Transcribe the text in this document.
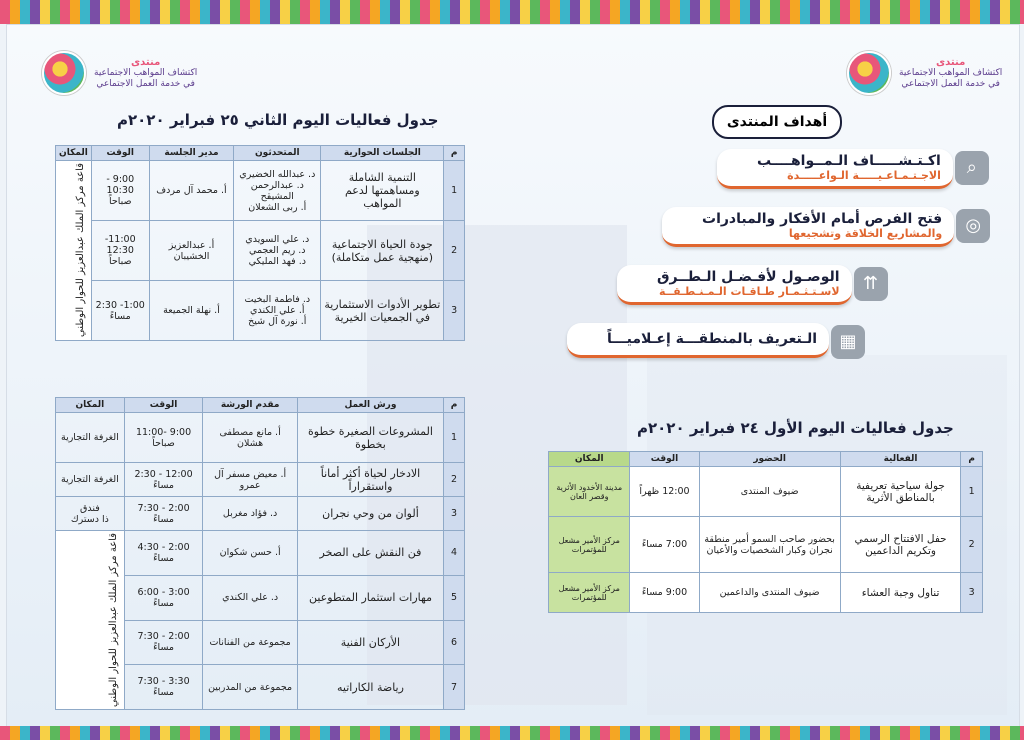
منتدى
اكتشاف المواهب الاجتماعية
في خدمة العمل الاجتماعي
جدول فعاليات اليوم الثاني ٢٥ فبراير ٢٠٢٠م
م	الجلسات الحوارية	المتحدثون	مدير الجلسة	الوقت	المكان
1	التنمية الشاملة ومساهمتها لدعم المواهب	د. عبدالله الخضيري
د. عبدالرحمن المشيقح
أ. ربى الشعلان	أ. محمد آل مردف	9:00 - 10:30
صباحاً	قاعة مركز الملك عبدالعزيز للحوار الوطني

2	جودة الحياة الاجتماعية (منهجية عمل متكاملة)	د. علي السويدي
د. ريم العجمي
د. فهد المليكي	أ. عبدالعزيز الخشيبان	11:00- 12:30
صباحاً	
3	تطوير الأدوات الاستثمارية في الجمعيات الخيرية	د. فاطمة البخيت
أ. علي الكندي
أ. نورة آل شيخ	أ. نهلة الجميعة	1:00- 2:30
مساءً	
م	ورش العمل	مقدم الورشة	الوقت	المكان
1	المشروعات الصغيرة خطوة بخطوة	أ. مانع مصطفى هشلان	9:00 -11:00
صباحاً	الغرفة التجارية
2	الادخار لحياة أكثر أماناً واستقراراً	أ. معيض مسفر آل عمرو	12:00 - 2:30 مساءً	الغرفة التجارية
3	ألوان من وحي نجران	د. فؤاد مغربل	2:00 - 7:30 مساءً	فندق
ذا دسترك
4	فن النقش على الصخر	أ. حسن شكوان	2:00 - 4:30 مساءً	قاعة مركز الملك عبدالعزيز للحوار الوطني

5	مهارات استثمار المتطوعين	د. علي الكندي	3:00 - 6:00 مساءً	
6	الأركان الفنية	مجموعة من الفنانات	2:00 - 7:30 مساءً	
7	رياضة الكاراتيه	مجموعة من المدربين	3:30 - 7:30 مساءً	
منتدى
اكتشاف المواهب الاجتماعية
في خدمة العمل الاجتماعي
أهداف المنتدى
اكـتـشـــــاف الـمــواهــــب
الاجـتـمـاعـيـــــة الـواعـــــدة	⌕
فتح الفرص أمام الأفكار والمبادرات
والمشاريع الخلاقة وتشجيعها	◎
الوصـول لأفـضـل الـطــرق
لاسـتـثـمـار طـاقـات الـمـنـطـقــة	⇈
الـتعريف بالمنطقـــة إعـلاميـــاً	▦
جدول فعاليات اليوم الأول ٢٤ فبراير ٢٠٢٠م
م	الفعالية	الحضور	الوقت	المكان
1	جولة سياحية تعريفية بالمناطق الأثرية	ضيوف المنتدى	12:00 ظهراً	مدينة الأخدود الأثرية وقصر العان
2	حفل الافتتاح الرسمي وتكريم الداعمين	بحضور صاحب السمو أمير منطقة نجران وكبار الشخصيات والأعيان	7:00 مساءً	مركز الأمير مشعل للمؤتمرات
3	تناول وجبة العشاء	ضيوف المنتدى والداعمين	9:00 مساءً	مركز الأمير مشعل للمؤتمرات
